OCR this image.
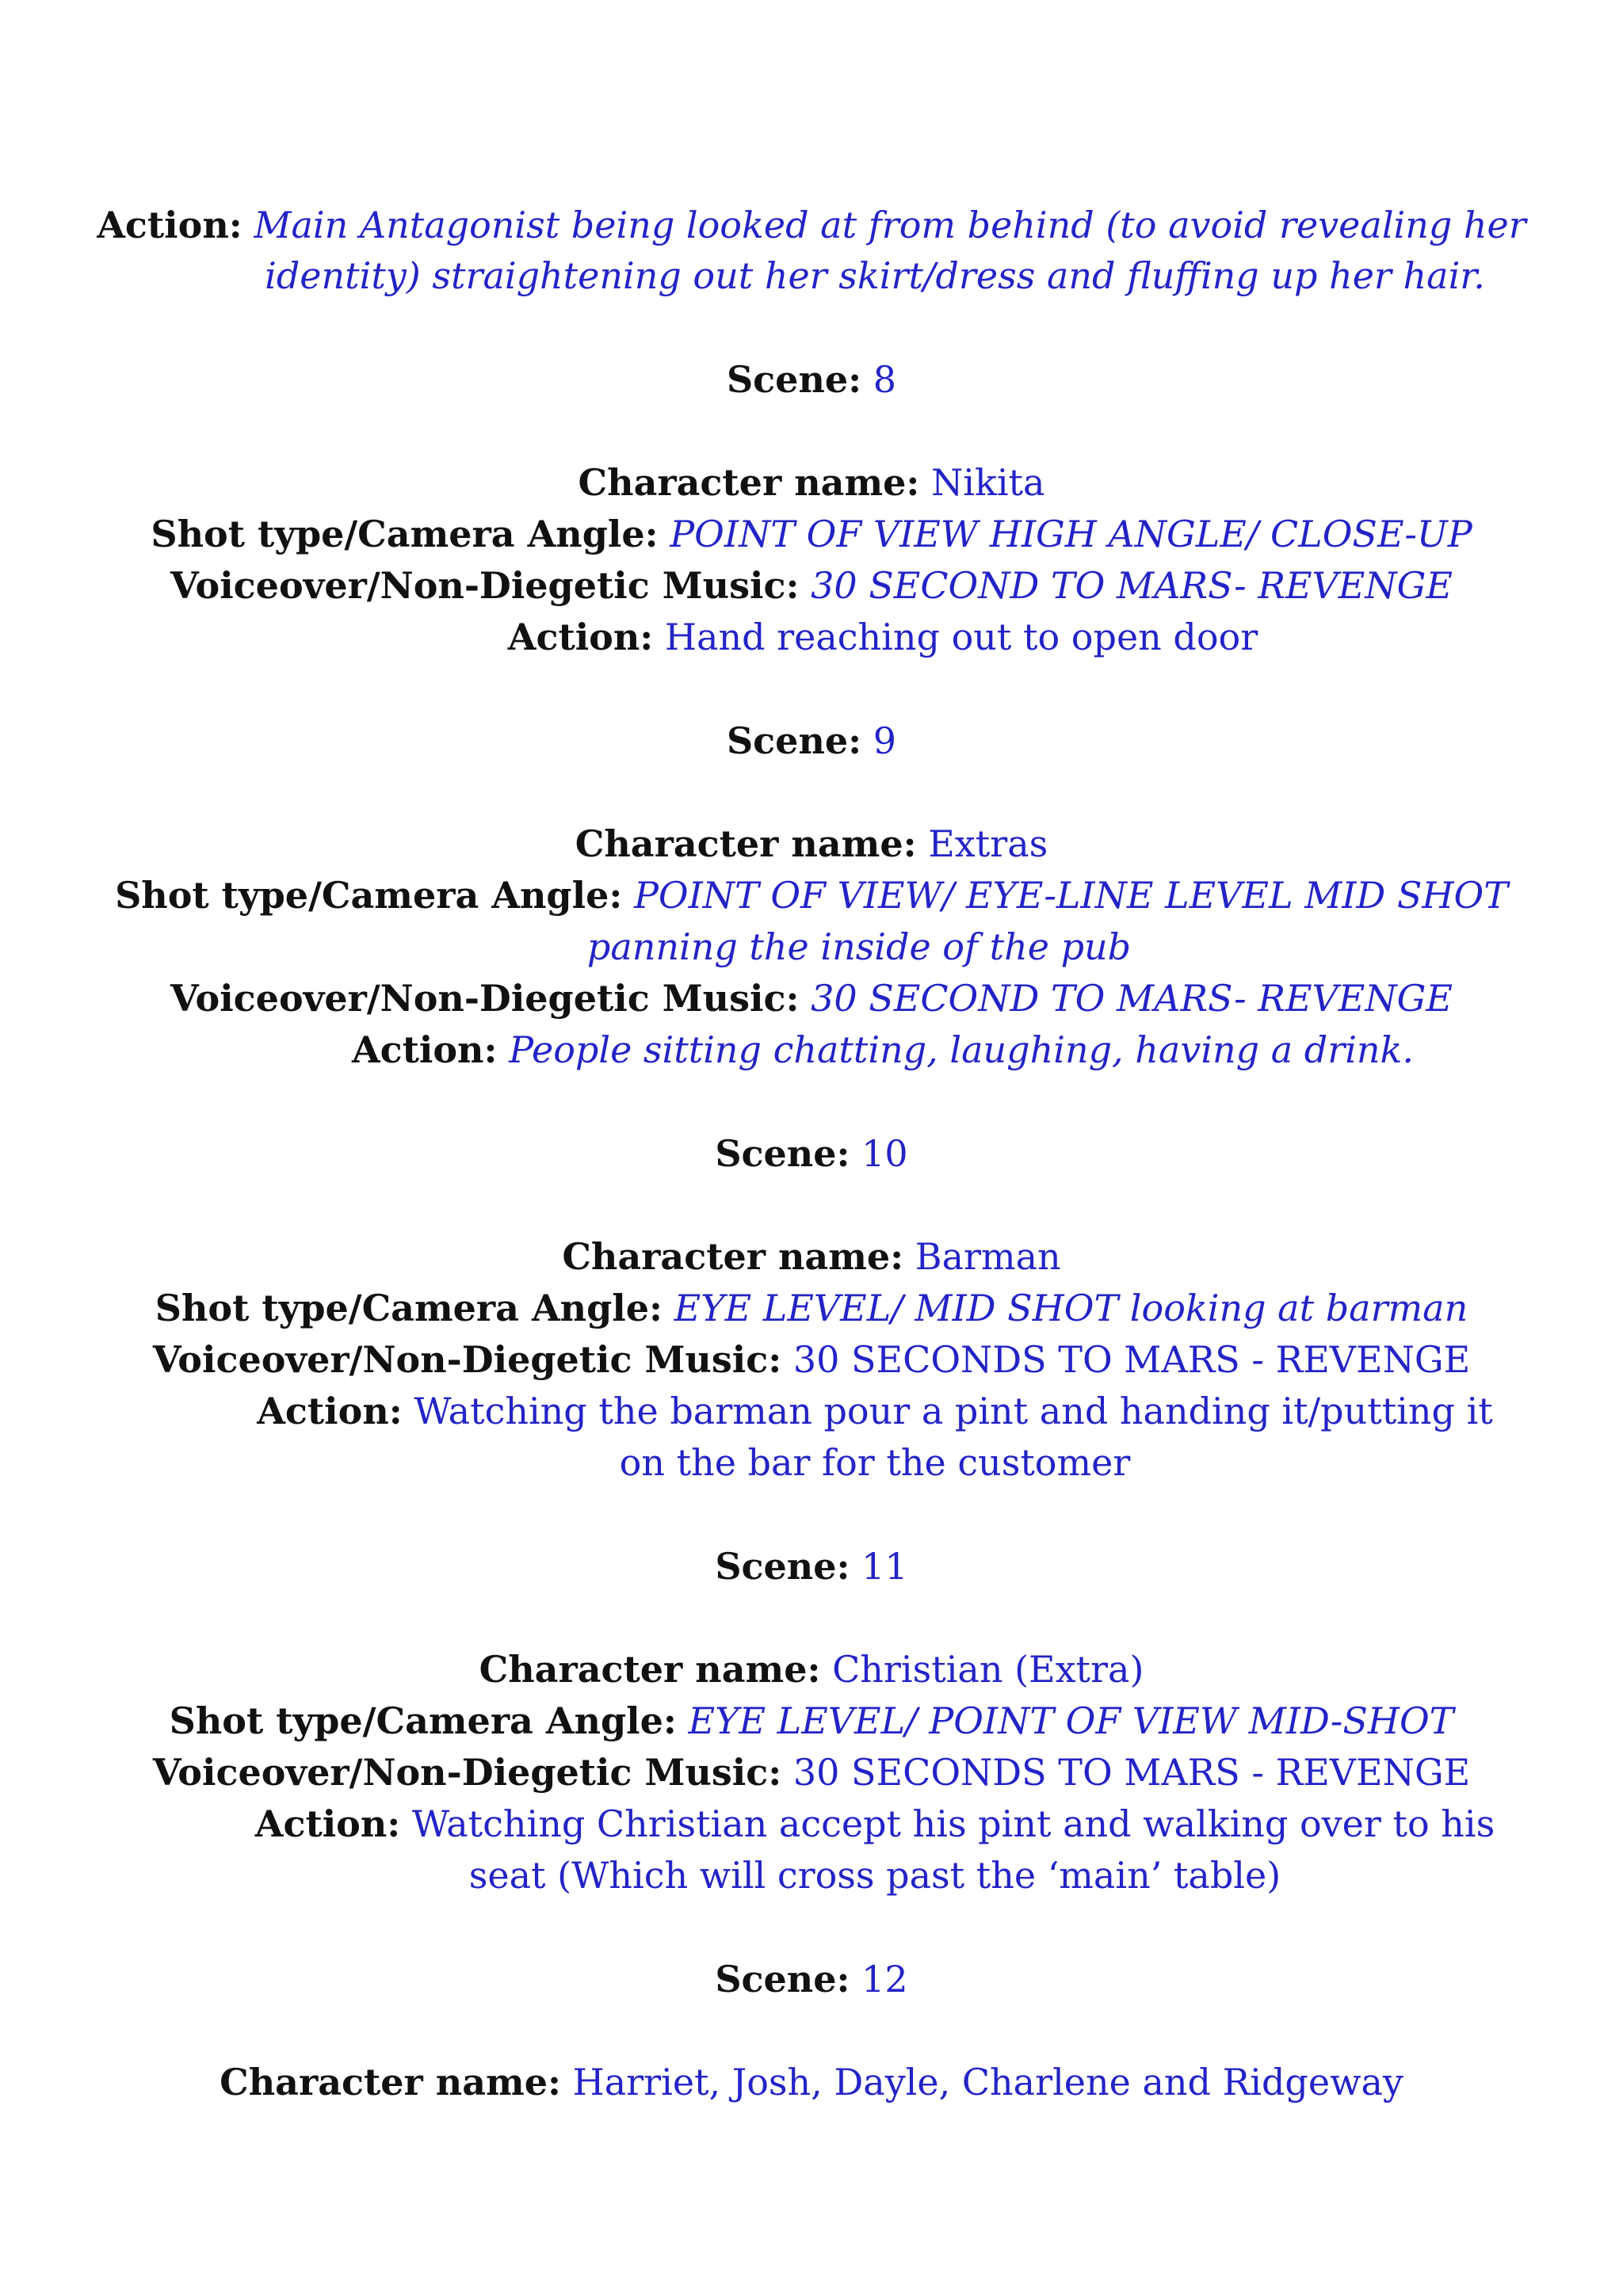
Action: Main Antagonist being looked at from behind (to avoid revealing her
identity) straightening out her skirt/dress and fluffing up her hair.
Scene: 8
Character name: Nikita
Shot type/Camera Angle: POINT OF VIEW HIGH ANGLE/ CLOSE-UP
Voiceover/Non-Diegetic Music: 30 SECOND TO MARS- REVENGE
Action: Hand reaching out to open door
Scene: 9
Character name: Extras
Shot type/Camera Angle: POINT OF VIEW/ EYE-LINE LEVEL MID SHOT
panning the inside of the pub
Voiceover/Non-Diegetic Music: 30 SECOND TO MARS- REVENGE
Action: People sitting chatting, laughing, having a drink.
Scene: 10
Character name: Barman
Shot type/Camera Angle: EYE LEVEL/ MID SHOT looking at barman
Voiceover/Non-Diegetic Music: 30 SECONDS TO MARS - REVENGE
Action: Watching the barman pour a pint and handing it/putting it
on the bar for the customer
Scene: 11
Character name: Christian (Extra)
Shot type/Camera Angle: EYE LEVEL/ POINT OF VIEW MID-SHOT
Voiceover/Non-Diegetic Music: 30 SECONDS TO MARS - REVENGE
Action: Watching Christian accept his pint and walking over to his
seat (Which will cross past the ‘main’ table)
Scene: 12
Character name: Harriet, Josh, Dayle, Charlene and Ridgeway
